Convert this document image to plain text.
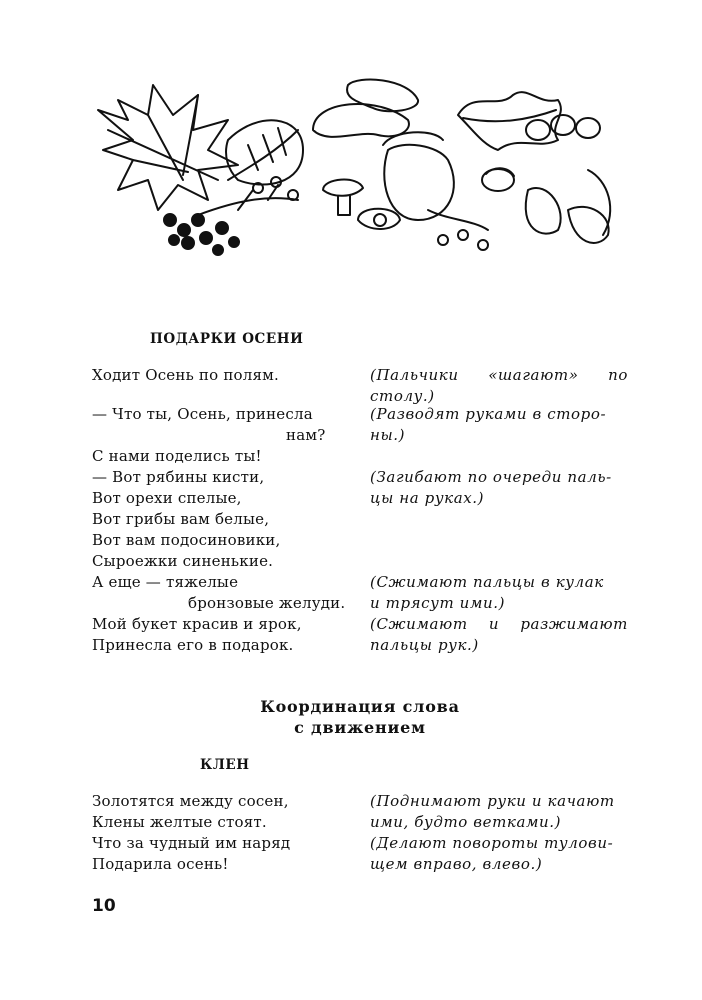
ПОДАРКИ ОСЕНИ
Ходит Осень по полям.
— Что ты, Осень, принесла
нам?
С нами поделись ты!
— Вот рябины кисти,
Вот орехи спелые,
Вот грибы вам белые,
Вот вам подосиновики,
Сыроежки синенькие.
А еще — тяжелые
бронзовые желуди.
Мой букет красив и ярок,
Принесла его в подарок.
(Пальчики «шагают» по
столу.)
(Разводят руками в сторо-
ны.)
(Загибают по очереди паль-
цы на руках.)
(Сжимают пальцы в кулак
и трясут ими.)
(Сжимают и разжимают
пальцы рук.)
Координация слова
с движением
КЛЕН
Золотятся между сосен,
Клены желтые стоят.
Что за чудный им наряд
Подарила осень!
(Поднимают руки и качают
ими, будто ветками.)
(Делают повороты тулови-
щем вправо, влево.)
10
